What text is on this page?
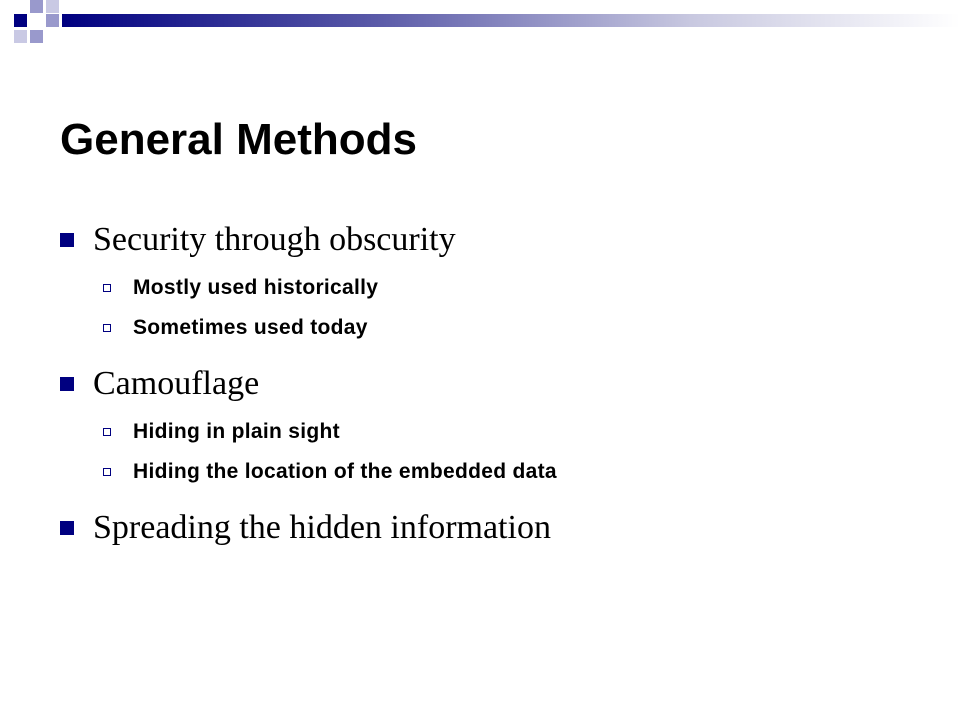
General Methods
Security through obscurity
Mostly used historically
Sometimes used today
Camouflage
Hiding in plain sight
Hiding the location of the embedded data
Spreading the hidden information
